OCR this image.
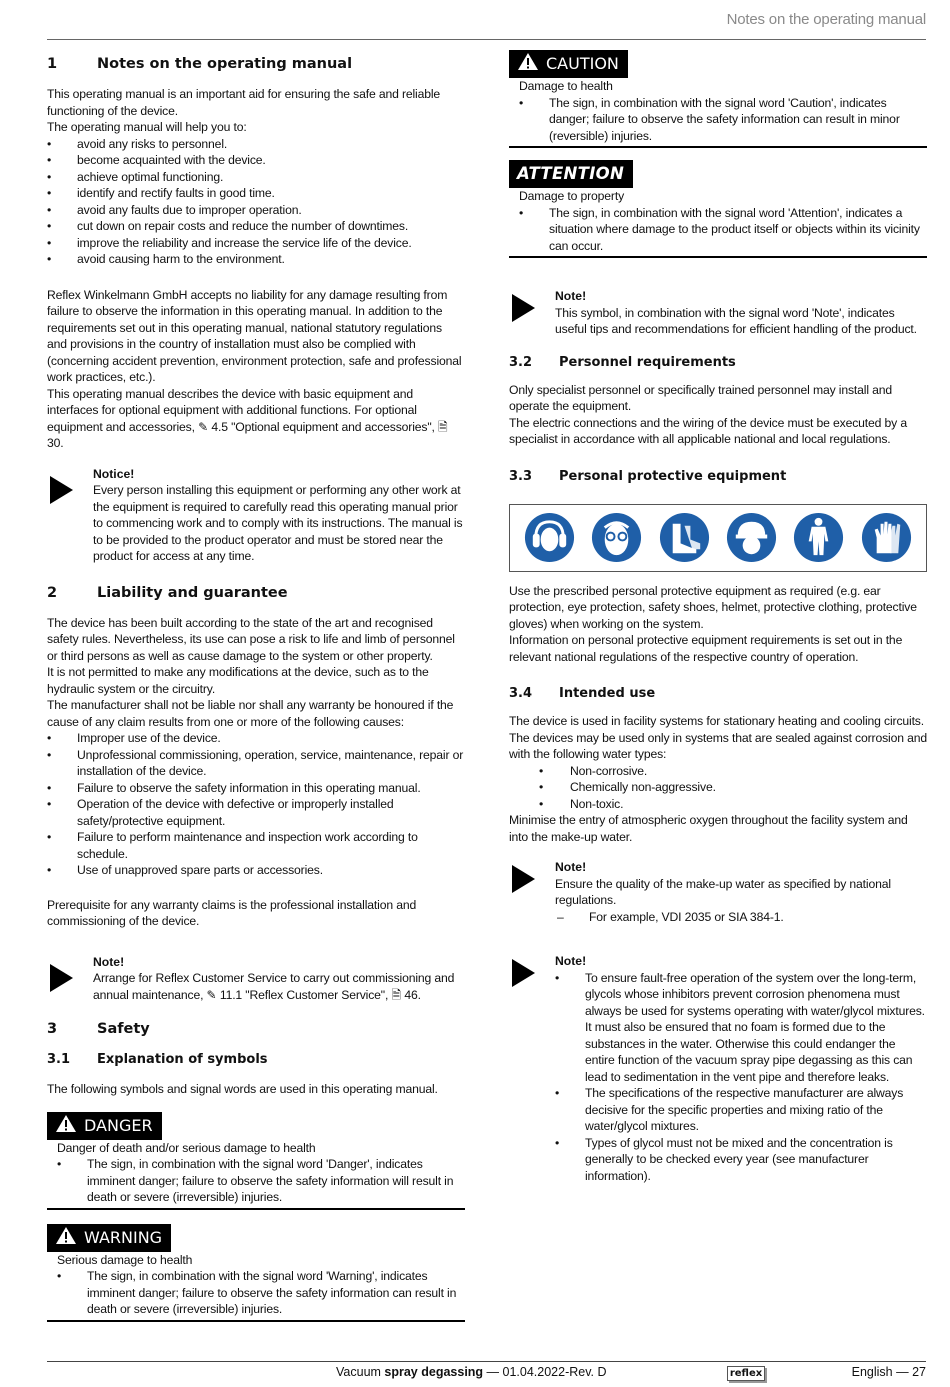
Notes on the operating manual
1	Notes on the operating manual

This operating manual is an important aid for ensuring the safe and reliable functioning of the device.

The operating manual will help you to:

• avoid any risks to personnel.
• become acquainted with the device.
• achieve optimal functioning.
• identify and rectify faults in good time.
• avoid any faults due to improper operation.
• cut down on repair costs and reduce the number of downtimes.
• improve the reliability and increase the service life of the device.
• avoid causing harm to the environment.

Reflex Winkelmann GmbH accepts no liability for any damage resulting from failure to observe the information in this operating manual. In addition to the requirements set out in this operating manual, national statutory regulations and provisions in the country of installation must also be complied with (concerning accident prevention, environment protection, safe and professional work practices, etc.).

This operating manual describes the device with basic equipment and interfaces for optional equipment with additional functions. For optional equipment and accessories, ✎ 4.5 "Optional equipment and accessories", 🗎 30.

Notice!

Every person installing this equipment or performing any other work at the equipment is required to carefully read this operating manual prior to commencing work and to comply with its instructions. The manual is to be provided to the product operator and must be stored near the product for access at any time.

2	Liability and guarantee

The device has been built according to the state of the art and recognised safety rules. Nevertheless, its use can pose a risk to life and limb of personnel or third persons as well as cause damage to the system or other property.

It is not permitted to make any modifications at the device, such as to the hydraulic system or the circuitry.

The manufacturer shall not be liable nor shall any warranty be honoured if the cause of any claim results from one or more of the following causes:

• Improper use of the device.
• Unprofessional commissioning, operation, service, maintenance, repair or installation of the device.
• Failure to observe the safety information in this operating manual.
• Operation of the device with defective or improperly installed safety/protective equipment.
• Failure to perform maintenance and inspection work according to schedule.
• Use of unapproved spare parts or accessories.

Prerequisite for any warranty claims is the professional installation and commissioning of the device.

Note!

Arrange for Reflex Customer Service to carry out commissioning and annual maintenance, ✎ 11.1 "Reflex Customer Service", 🗎 46.

3	Safety
3.1 Explanation of symbols

The following symbols and signal words are used in this operating manual.

DANGER

Danger of death and/or serious damage to health

• The sign, in combination with the signal word 'Danger', indicates imminent danger; failure to observe the safety information will result in death or severe (irreversible) injuries.
WARNING

Serious damage to health

• The sign, in combination with the signal word 'Warning', indicates imminent danger; failure to observe the safety information can result in death or severe (irreversible) injuries.
CAUTION

Damage to health

• The sign, in combination with the signal word 'Caution', indicates danger; failure to observe the safety information can result in minor (reversible) injuries.
ATTENTION

Damage to property

• The sign, in combination with the signal word 'Attention', indicates a situation where damage to the product itself or objects within its vicinity can occur.
Note!

This symbol, in combination with the signal word 'Note', indicates useful tips and recommendations for efficient handling of the product.

3.2 Personnel requirements

Only specialist personnel or specifically trained personnel may install and operate the equipment.

The electric connections and the wiring of the device must be executed by a specialist in accordance with all applicable national and local regulations.

3.3 Personal protective equipment

Use the prescribed personal protective equipment as required (e.g. ear protection, eye protection, safety shoes, helmet, protective clothing, protective gloves) when working on the system.

Information on personal protective equipment requirements is set out in the relevant national regulations of the respective country of operation.

3.4 Intended use

The device is used in facility systems for stationary heating and cooling circuits. The devices may be used only in systems that are sealed against corrosion and with the following water types:

• Non-corrosive.
• Chemically non-aggressive.
• Non-toxic.

Minimise the entry of atmospheric oxygen throughout the facility system and into the make-up water.

Note!

Ensure the quality of the make-up water as specified by national regulations.

– For example, VDI 2035 or SIA 384-1.

Note!
• To ensure fault-free operation of the system over the long-term, glycols whose inhibitors prevent corrosion phenomena must always be used for systems operating with water/glycol mixtures. It must also be ensured that no foam is formed due to the substances in the water. Otherwise this could endanger the entire function of the vacuum spray pipe degassing as this can lead to sedimentation in the vent pipe and therefore leaks.
• The specifications of the respective manufacturer are always decisive for the specific properties and mixing ratio of the water/glycol mixtures.
• Types of glycol must not be mixed and the concentration is generally to be checked every year (see manufacturer information).
Vacuum spray degassing — 01.04.2022-Rev. D	reflex	English — 27
